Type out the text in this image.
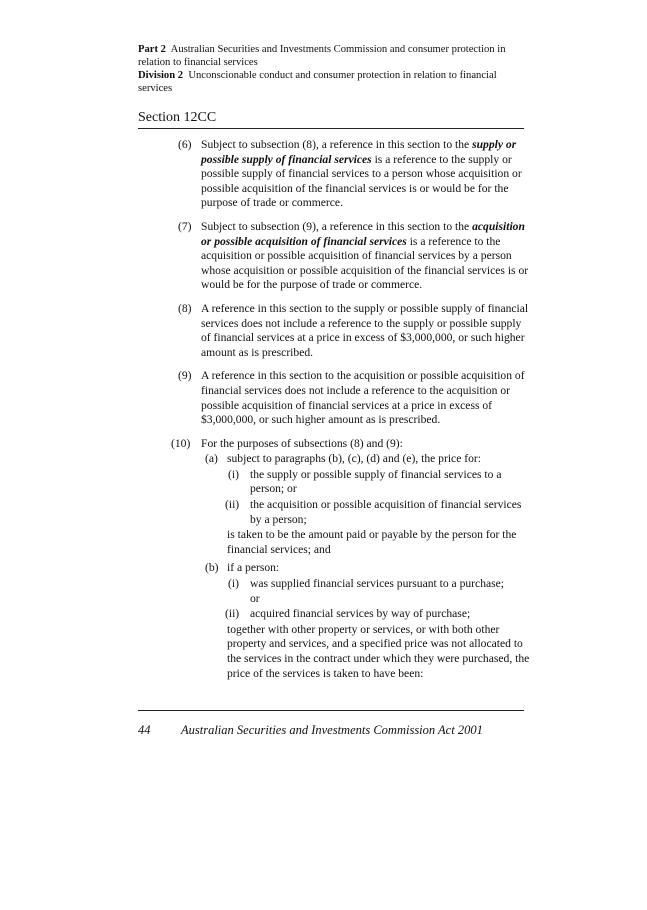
Part 2 Australian Securities and Investments Commission and consumer protection in relation to financial services
Division 2 Unconscionable conduct and consumer protection in relation to financial services
Section 12CC
(6) Subject to subsection (8), a reference in this section to the supply or possible supply of financial services is a reference to the supply or possible supply of financial services to a person whose acquisition or possible acquisition of the financial services is or would be for the purpose of trade or commerce.
(7) Subject to subsection (9), a reference in this section to the acquisition or possible acquisition of financial services is a reference to the acquisition or possible acquisition of financial services by a person whose acquisition or possible acquisition of the financial services is or would be for the purpose of trade or commerce.
(8) A reference in this section to the supply or possible supply of financial services does not include a reference to the supply or possible supply of financial services at a price in excess of $3,000,000, or such higher amount as is prescribed.
(9) A reference in this section to the acquisition or possible acquisition of financial services does not include a reference to the acquisition or possible acquisition of financial services at a price in excess of $3,000,000, or such higher amount as is prescribed.
(10) For the purposes of subsections (8) and (9):
(a) subject to paragraphs (b), (c), (d) and (e), the price for:
(i) the supply or possible supply of financial services to a person; or
(ii) the acquisition or possible acquisition of financial services by a person;
is taken to be the amount paid or payable by the person for the financial services; and
(b) if a person:
(i) was supplied financial services pursuant to a purchase;
or
(ii) acquired financial services by way of purchase;
together with other property or services, or with both other property and services, and a specified price was not allocated to the services in the contract under which they were purchased, the price of the services is taken to have been:
44 Australian Securities and Investments Commission Act 2001
